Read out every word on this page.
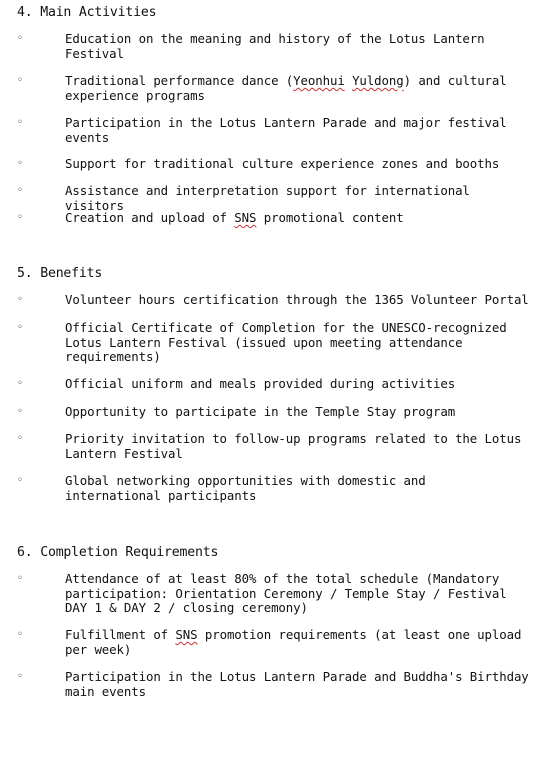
4. Main Activities
◦	Education on the meaning and history of the Lotus Lantern Festival
◦	Traditional performance dance (Yeonhui Yuldong) and cultural experience programs
◦	Participation in the Lotus Lantern Parade and major festival events
◦	Support for traditional culture experience zones and booths
◦	Assistance and interpretation support for international visitors
◦	Creation and upload of SNS promotional content
5. Benefits
◦	Volunteer hours certification through the 1365 Volunteer Portal
◦	Official Certificate of Completion for the UNESCO-recognized Lotus Lantern Festival (issued upon meeting attendance requirements)
◦	Official uniform and meals provided during activities
◦	Opportunity to participate in the Temple Stay program
◦	Priority invitation to follow-up programs related to the Lotus Lantern Festival
◦	Global networking opportunities with domestic and international participants
6. Completion Requirements
◦	Attendance of at least 80% of the total schedule (Mandatory participation: Orientation Ceremony / Temple Stay / Festival DAY 1 & DAY 2 / closing ceremony)
◦	Fulfillment of SNS promotion requirements (at least one upload per week)
◦	Participation in the Lotus Lantern Parade and Buddha's Birthday main events
